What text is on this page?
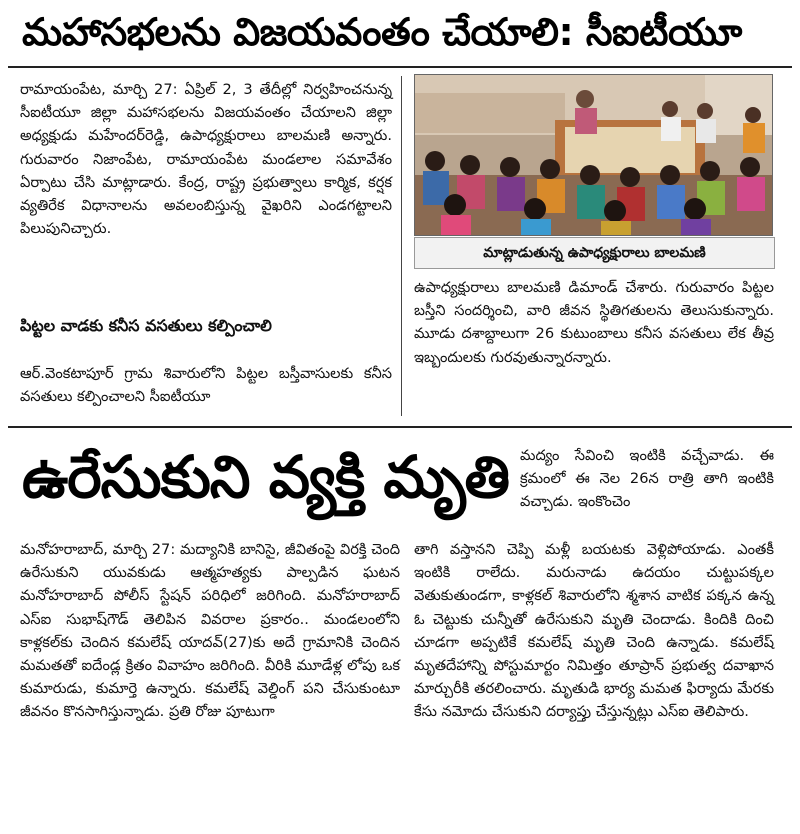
మహాసభలను విజయవంతం చేయాలి: సీఐటీయూ

రామాయంపేట, మార్చి 27: ఏప్రిల్ 2, 3 తేదీల్లో నిర్వహించనున్న సీఐటీయూ జిల్లా మహాసభలను విజయవంతం చేయాలని జిల్లా అధ్యక్షుడు మహేందర్‌రెడ్డి, ఉపాధ్యక్షురాలు బాలమణి అన్నారు. గురువారం నిజాంపేట, రామాయంపేట మండలాల సమావేశం ఏర్పాటు చేసి మాట్లాడారు. కేంద్ర, రాష్ట్ర ప్రభుత్వాలు కార్మిక, కర్షక వ్యతిరేక విధానాలను అవలంబిస్తున్న వైఖరిని ఎండగట్టాలని పిలుపునిచ్చారు.

పిట్టల వాడకు కనీస వసతులు కల్పించాలి

ఆర్.వెంకటాపూర్ గ్రామ శివారులోని పిట్టల బస్తీవాసులకు కనీస వసతులు కల్పించాలని సీఐటీయూ

మాట్లాడుతున్న ఉపాధ్యక్షురాలు బాలమణి

ఉపాధ్యక్షురాలు బాలమణి డిమాండ్ చేశారు. గురువారం పిట్టల బస్తీని సందర్శించి, వారి జీవన స్థితిగతులను తెలుసుకున్నారు. మూడు దశాబ్దాలుగా 26 కుటుంబాలు కనీస వసతులు లేక తీవ్ర ఇబ్బందులకు గురవుతున్నారన్నారు.

ఉరేసుకుని వ్యక్తి మృతి మద్యం సేవించి ఇంటికి వచ్చేవాడు. ఈ క్రమంలో ఈ నెల 26న రాత్రి తాగి ఇంటికి వచ్చాడు. ఇంకొంచెం

మనోహరాబాద్, మార్చి 27: మద్యానికి బానిసై, జీవితంపై విరక్తి చెంది ఉరేసుకుని యువకుడు ఆత్మహత్యకు పాల్పడిన ఘటన మనోహరాబాద్ పోలీస్ స్టేషన్ పరిధిలో జరిగింది. మనోహరాబాద్ ఎస్ఐ సుభాష్‌గౌడ్ తెలిపిన వివరాల ప్రకారం.. మండలంలోని కాళ్లకల్‌కు చెందిన కమలేష్ యాదవ్(27)కు అదే గ్రామానికి చెందిన మమతతో ఐదేండ్ల క్రితం వివాహం జరిగింది. వీరికి మూడేళ్ల లోపు ఒక కుమారుడు, కుమార్తె ఉన్నారు. కమలేష్ వెల్డింగ్ పని చేసుకుంటూ జీవనం కొనసాగిస్తున్నాడు. ప్రతి రోజు పూటుగా

తాగి వస్తానని చెప్పి మళ్లీ బయటకు వెళ్లిపోయాడు. ఎంతకీ ఇంటికి రాలేదు. మరునాడు ఉదయం చుట్టుపక్కల వెతుకుతుండగా, కాళ్లకల్ శివారులోని శ్మశాన వాటిక పక్కన ఉన్న ఓ చెట్టుకు చున్నీతో ఉరేసుకుని మృతి చెందాడు. కిందికి దించి చూడగా అప్పటికే కమలేష్ మృతి చెంది ఉన్నాడు. కమలేష్ మృతదేహాన్ని పోస్టుమార్టం నిమిత్తం తూప్రాన్ ప్రభుత్వ దవాఖాన మార్చురీకి తరలించారు. మృతుడి భార్య మమత ఫిర్యాదు మేరకు కేసు నమోదు చేసుకుని దర్యాప్తు చేస్తున్నట్లు ఎస్ఐ తెలిపారు.
